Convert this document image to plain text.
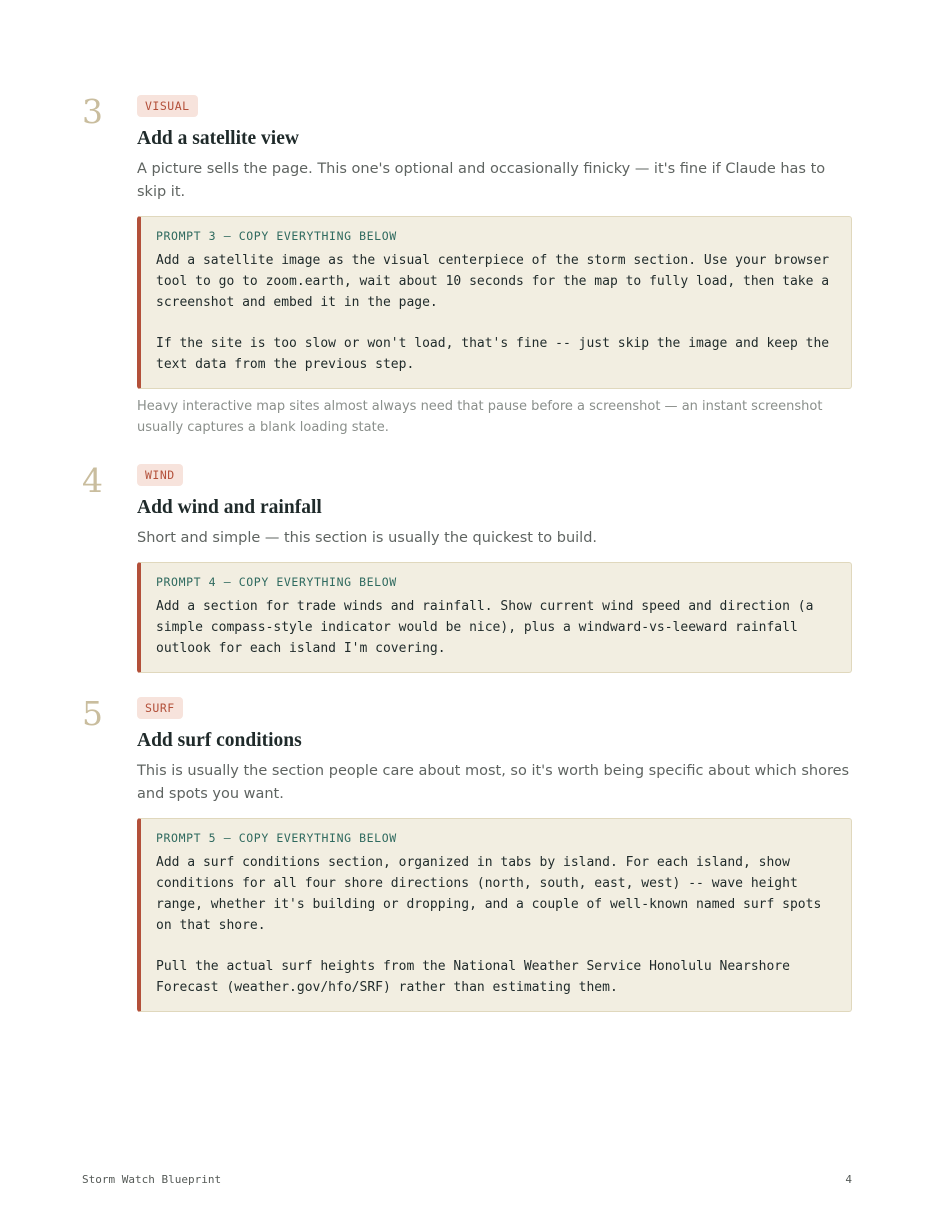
3	VISUAL
Add a satellite view

A picture sells the page. This one's optional and occasionally finicky — it's fine if Claude has to skip it.

PROMPT 3 — COPY EVERYTHING BELOW

Add a satellite image as the visual centerpiece of the storm section. Use your browser tool to go to zoom.earth, wait about 10 seconds for the map to fully load, then take a screenshot and embed it in the page.

If the site is too slow or won't load, that's fine -- just skip the image and keep the text data from the previous step.

Heavy interactive map sites almost always need that pause before a screenshot — an instant screenshot usually captures a blank loading state.

4	WIND
Add wind and rainfall

Short and simple — this section is usually the quickest to build.

PROMPT 4 — COPY EVERYTHING BELOW

Add a section for trade winds and rainfall. Show current wind speed and direction (a simple compass-style indicator would be nice), plus a windward-vs-leeward rainfall outlook for each island I'm covering.

5	SURF
Add surf conditions

This is usually the section people care about most, so it's worth being specific about which shores and spots you want.

PROMPT 5 — COPY EVERYTHING BELOW

Add a surf conditions section, organized in tabs by island. For each island, show conditions for all four shore directions (north, south, east, west) -- wave height range, whether it's building or dropping, and a couple of well-known named surf spots on that shore.

Pull the actual surf heights from the National Weather Service Honolulu Nearshore Forecast (weather.gov/hfo/SRF) rather than estimating them.

Storm Watch Blueprint	4
